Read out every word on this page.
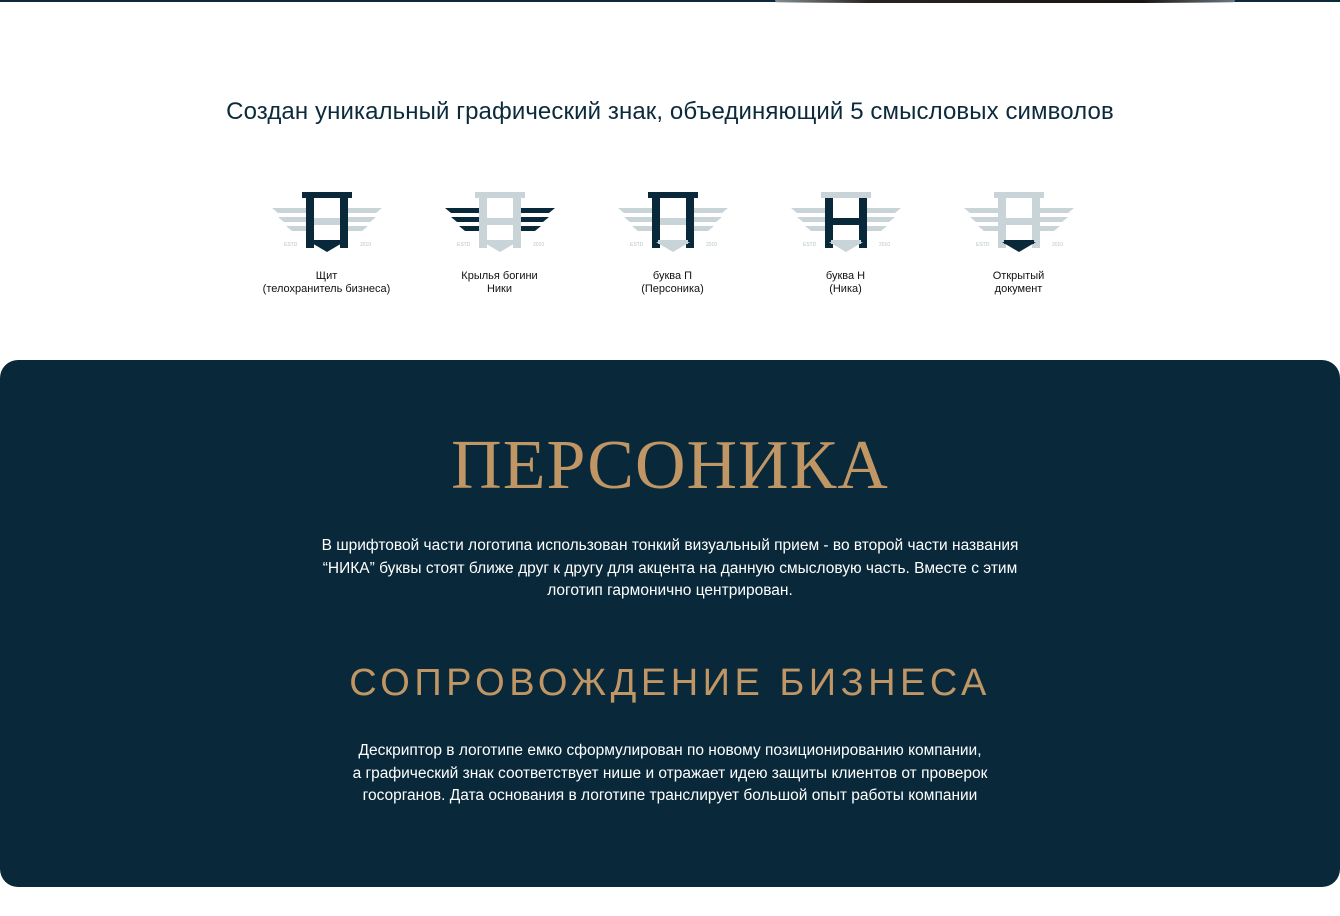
Создан уникальный графический знак, объединяющий 5 смысловых символов
ESTD	2010
Щит
(телохранитель бизнеса)
ESTD	2010
Крылья богини
Ники
ESTD	2010
буква П
(Персоника)
ESTD	2010
буква Н
(Ника)
ESTD	2010
Открытый
документ
ПЕРСОНИКА
В шрифтовой части логотипа использован тонкий визуальный прием - во второй части названия
“НИКА” буквы стоят ближе друг к другу для акцента на данную смысловую часть. Вместе с этим
логотип гармонично центрирован.
СОПРОВОЖДЕНИЕ БИЗНЕСА
Дескриптор в логотипе емко сформулирован по новому позиционированию компании,
а графический знак соответствует нише и отражает идею защиты клиентов от проверок
госорганов. Дата основания в логотипе транслирует большой опыт работы компании
